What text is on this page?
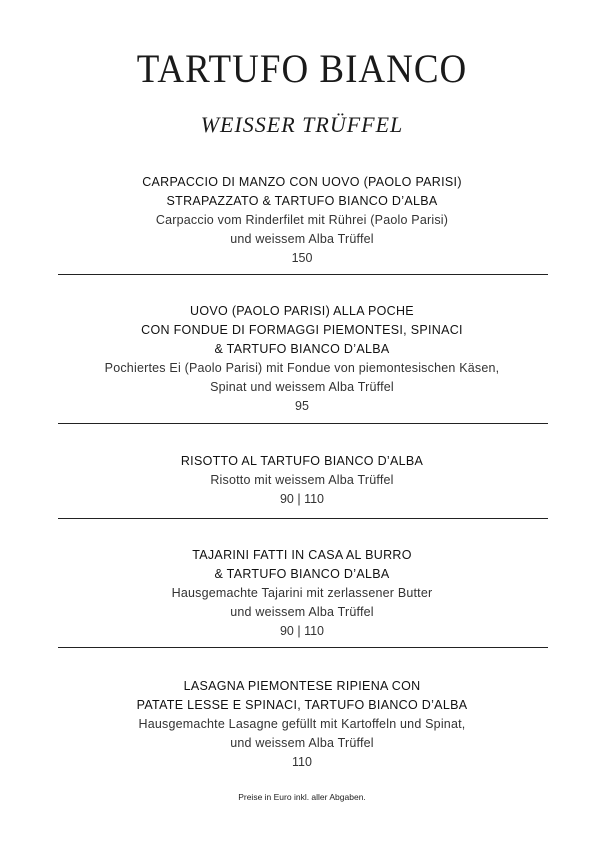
TARTUFO BIANCO
WEISSER TRÜFFEL
CARPACCIO DI MANZO CON UOVO (PAOLO PARISI)
STRAPAZZATO & TARTUFO BIANCO D’ALBA
Carpaccio vom Rinderfilet mit Rührei (Paolo Parisi)
und weissem Alba Trüffel
150
UOVO (PAOLO PARISI) ALLA POCHE
CON FONDUE DI FORMAGGI PIEMONTESI, SPINACI
& TARTUFO BIANCO D’ALBA
Pochiertes Ei (Paolo Parisi) mit Fondue von piemontesischen Käsen,
Spinat und weissem Alba Trüffel
95
RISOTTO AL TARTUFO BIANCO D’ALBA
Risotto mit weissem Alba Trüffel
90 | 110
TAJARINI FATTI IN CASA AL BURRO
& TARTUFO BIANCO D’ALBA
Hausgemachte Tajarini mit zerlassener Butter
und weissem Alba Trüffel
90 | 110
LASAGNA PIEMONTESE RIPIENA CON
PATATE LESSE E SPINACI, TARTUFO BIANCO D’ALBA
Hausgemachte Lasagne gefüllt mit Kartoffeln und Spinat,
und weissem Alba Trüffel
110
Preise in Euro inkl. aller Abgaben.
